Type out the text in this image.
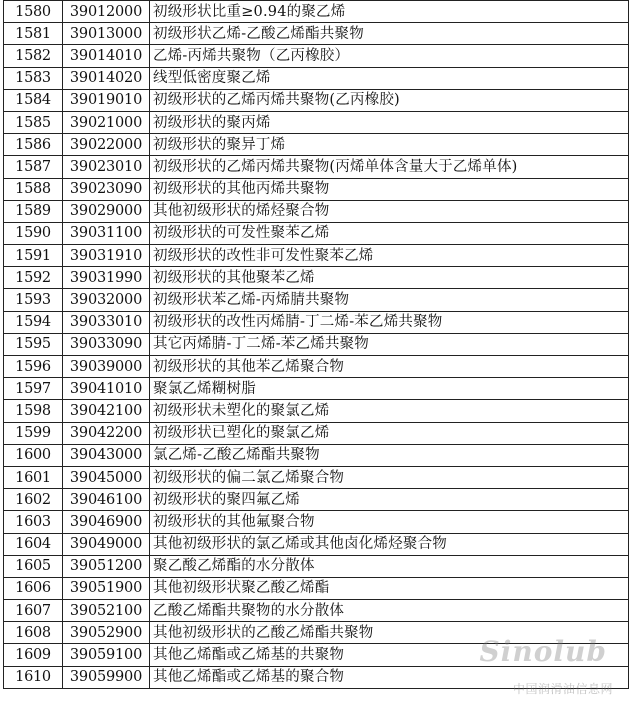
1580	39012000	初级形状比重≥0.94的聚乙烯
1581	39013000	初级形状乙烯-乙酸乙烯酯共聚物
1582	39014010	乙烯-丙烯共聚物（乙丙橡胶）
1583	39014020	线型低密度聚乙烯
1584	39019010	初级形状的乙烯丙烯共聚物(乙丙橡胶)
1585	39021000	初级形状的聚丙烯
1586	39022000	初级形状的聚异丁烯
1587	39023010	初级形状的乙烯丙烯共聚物(丙烯单体含量大于乙烯单体)
1588	39023090	初级形状的其他丙烯共聚物
1589	39029000	其他初级形状的烯烃聚合物
1590	39031100	初级形状的可发性聚苯乙烯
1591	39031910	初级形状的改性非可发性聚苯乙烯
1592	39031990	初级形状的其他聚苯乙烯
1593	39032000	初级形状苯乙烯-丙烯腈共聚物
1594	39033010	初级形状的改性丙烯腈-丁二烯-苯乙烯共聚物
1595	39033090	其它丙烯腈-丁二烯-苯乙烯共聚物
1596	39039000	初级形状的其他苯乙烯聚合物
1597	39041010	聚氯乙烯糊树脂
1598	39042100	初级形状未塑化的聚氯乙烯
1599	39042200	初级形状已塑化的聚氯乙烯
1600	39043000	氯乙烯-乙酸乙烯酯共聚物
1601	39045000	初级形状的偏二氯乙烯聚合物
1602	39046100	初级形状的聚四氟乙烯
1603	39046900	初级形状的其他氟聚合物
1604	39049000	其他初级形状的氯乙烯或其他卤化烯烃聚合物
1605	39051200	聚乙酸乙烯酯的水分散体
1606	39051900	其他初级形状聚乙酸乙烯酯
1607	39052100	乙酸乙烯酯共聚物的水分散体
1608	39052900	其他初级形状的乙酸乙烯酯共聚物
1609	39059100	其他乙烯酯或乙烯基的共聚物
1610	39059900	其他乙烯酯或乙烯基的聚合物
Sinolub
中国润滑油信息网
